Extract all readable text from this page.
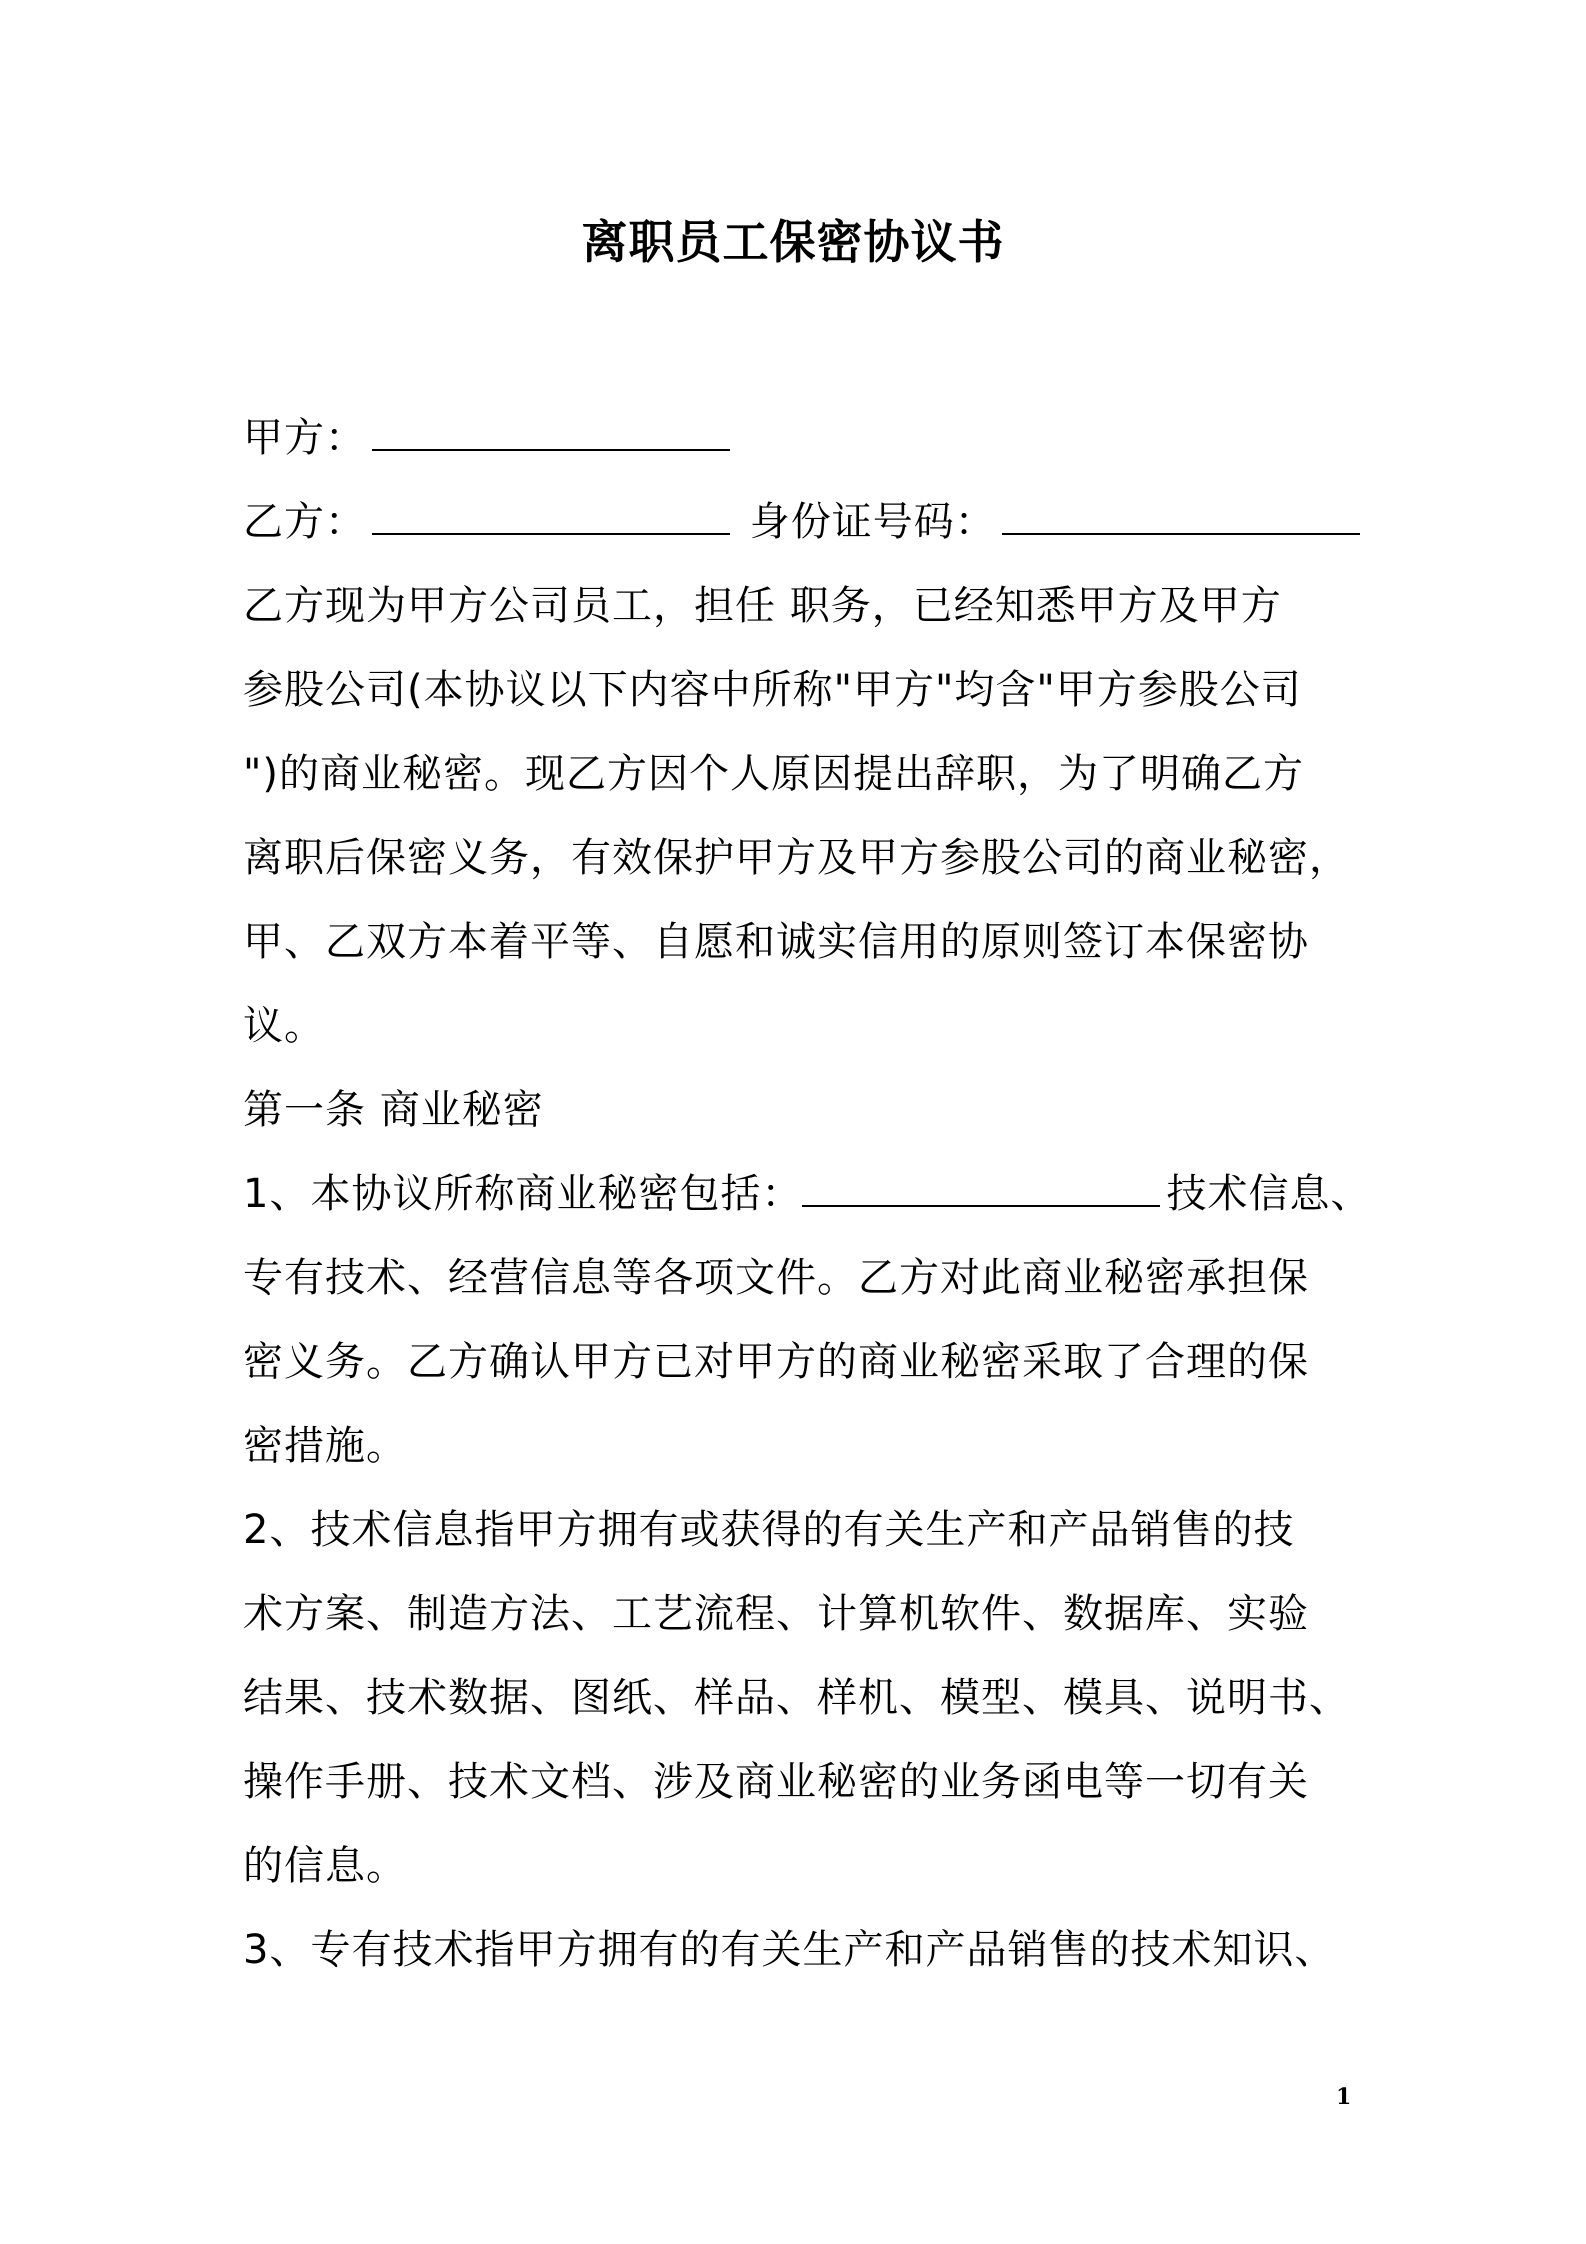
离职员工保密协议书
甲方：
乙方：	身份证号码：
乙方现为甲方公司员工，担任 职务，已经知悉甲方及甲方
参股公司(本协议以下内容中所称"甲方"均含"甲方参股公司
")的商业秘密。现乙方因个人原因提出辞职，为了明确乙方
离职后保密义务，有效保护甲方及甲方参股公司的商业秘密，
甲、乙双方本着平等、自愿和诚实信用的原则签订本保密协
议。
第一条 商业秘密
1、本协议所称商业秘密包括：	技术信息、
专有技术、经营信息等各项文件。乙方对此商业秘密承担保
密义务。乙方确认甲方已对甲方的商业秘密采取了合理的保
密措施。
2、技术信息指甲方拥有或获得的有关生产和产品销售的技
术方案、制造方法、工艺流程、计算机软件、数据库、实验
结果、技术数据、图纸、样品、样机、模型、模具、说明书、
操作手册、技术文档、涉及商业秘密的业务函电等一切有关
的信息。
3、专有技术指甲方拥有的有关生产和产品销售的技术知识、
1
